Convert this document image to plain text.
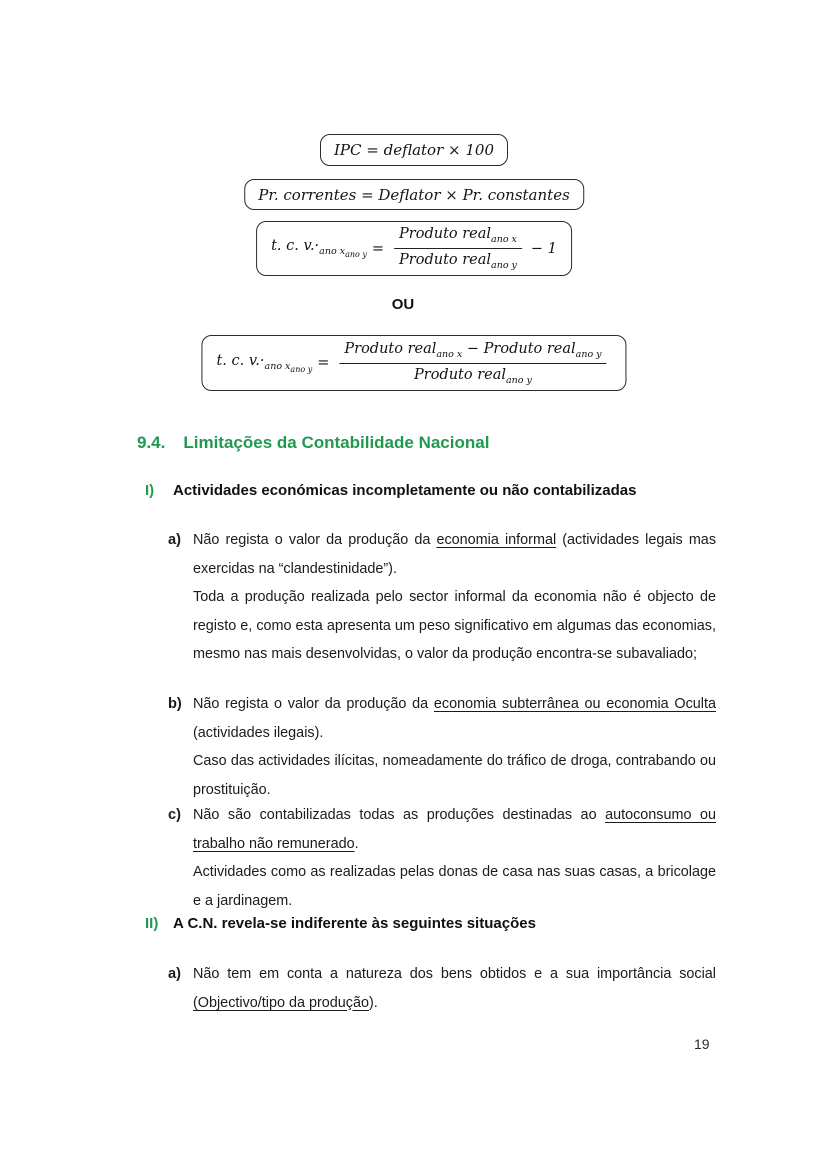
IPC = deflator × 100
Pr. correntes = Deflator × Pr. constantes
t. c. $v.\cdot_{ano x_{ano y}} = \frac{Produto real_{ano x}}{Produto real_{ano y}} - 1$
OU
t. c. $v.\cdot_{ano x_{ano y}} = \frac{Produto real_{ano x} - Produto real_{ano y}}{Produto real_{ano y}}$
9.4. Limitações da Contabilidade Nacional
I)	Actividades económicas incompletamente ou não contabilizadas
a) Não regista o valor da produção da economia informal (actividades legais mas exercidas na “clandestinidade”).

Toda a produção realizada pelo sector informal da economia não é objecto de registo e, como esta apresenta um peso significativo em algumas das economias, mesmo nas mais desenvolvidas, o valor da produção encontra-se subavaliado;

b) Não regista o valor da produção da economia subterrânea ou economia Oculta (actividades ilegais).

Caso das actividades ilícitas, nomeadamente do tráfico de droga, contrabando ou prostituição.

c) Não são contabilizadas todas as produções destinadas ao autoconsumo ou trabalho não remunerado.

Actividades como as realizadas pelas donas de casa nas suas casas, a bricolage e a jardinagem.

II) A C.N. revela-se indiferente às seguintes situações
a) Não tem em conta a natureza dos bens obtidos e a sua importância social (Objectivo/tipo da produção).

19
